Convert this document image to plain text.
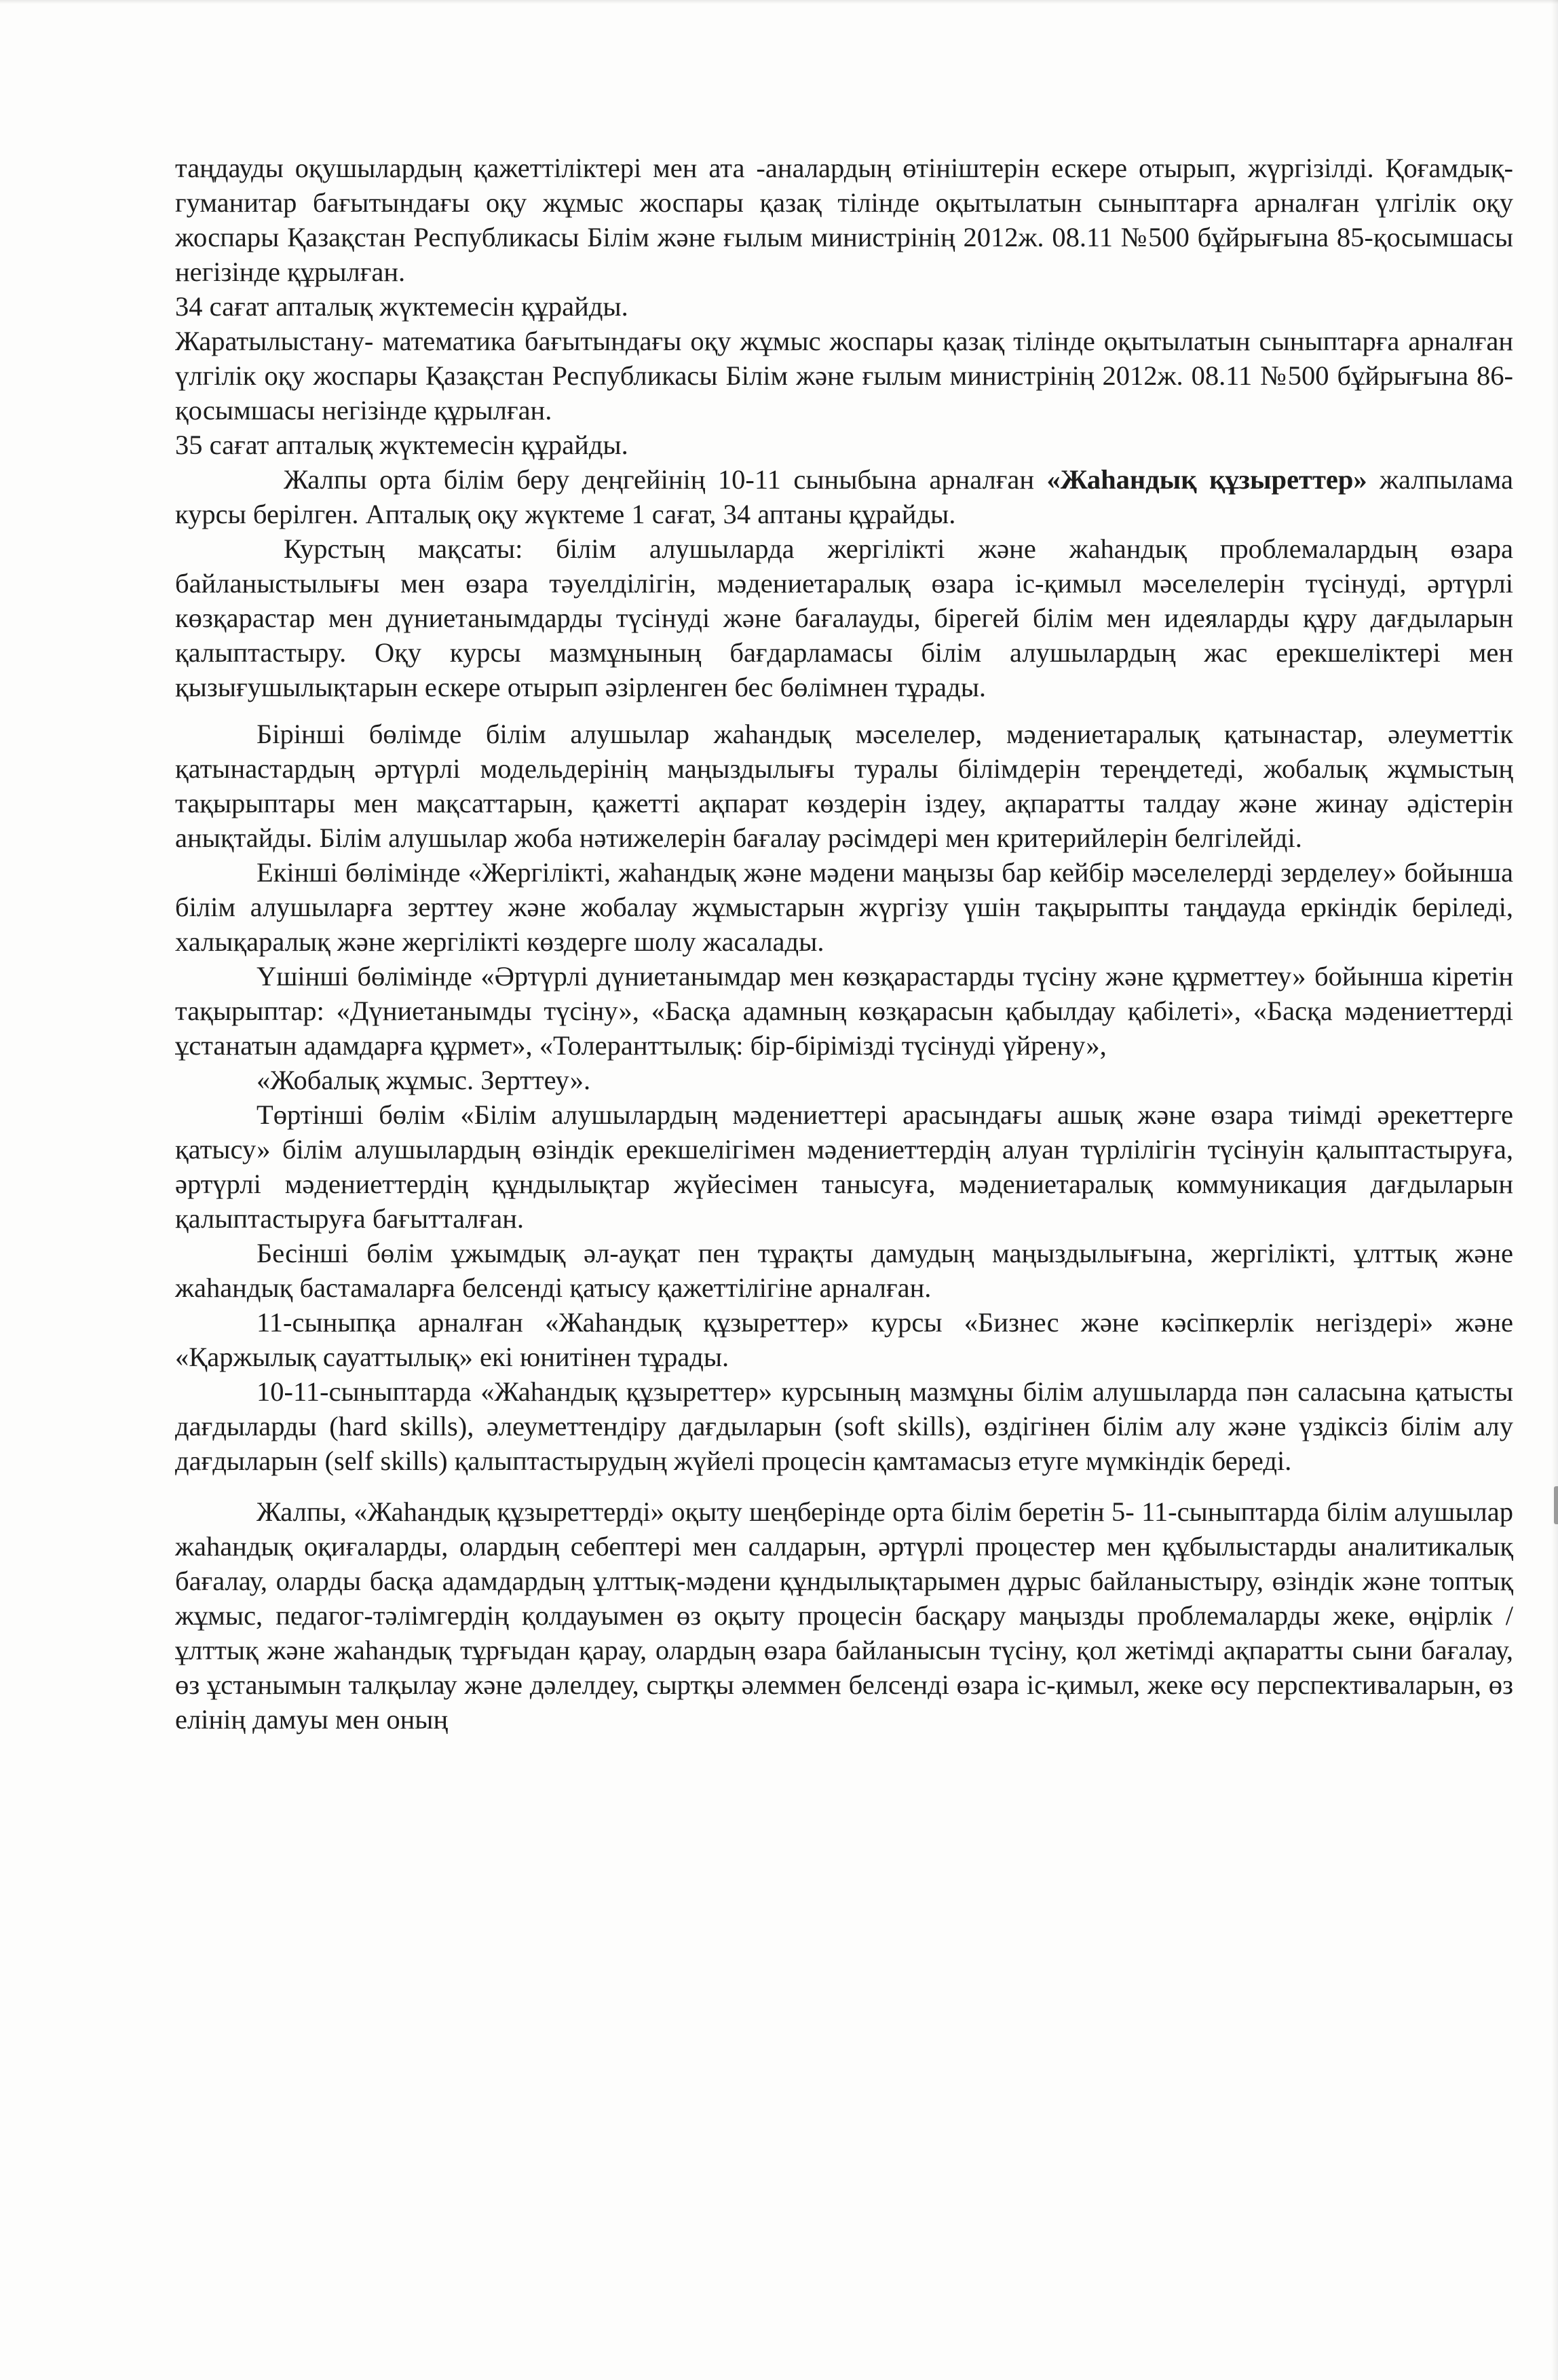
таңдауды оқушылардың қажеттіліктері мен ата -аналардың өтініштерін ескере отырып, жүргізілді. Қоғамдық-гуманитар бағытындағы оқу жұмыс жоспары қазақ тілінде оқытылатын сыныптарға арналған үлгілік оқу жоспары Қазақстан Республикасы Білім және ғылым министрінің 2012ж. 08.11 №500 бұйрығына 85-қосымшасы негізінде құрылған.

34 сағат апталық жүктемесін құрайды.

Жаратылыстану- математика бағытындағы оқу жұмыс жоспары қазақ тілінде оқытылатын сыныптарға арналған үлгілік оқу жоспары Қазақстан Республикасы Білім және ғылым министрінің 2012ж. 08.11 №500 бұйрығына 86-қосымшасы негізінде құрылған.

35 сағат апталық жүктемесін құрайды.

Жалпы орта білім беру деңгейінің 10-11 сыныбына арналған «Жаhандық құзыреттер» жалпылама курсы берілген. Апталық оқу жүктеме 1 сағат, 34 аптаны құрайды.

Курстың мақсаты: білім алушыларда жергілікті және жаһандық проблемалардың өзара байланыстылығы мен өзара тәуелділігін, мәдениетаралық өзара іс-қимыл мәселелерін түсінуді, әртүрлі көзқарастар мен дүниетанымдарды түсінуді және бағалауды, бірегей білім мен идеяларды құру дағдыларын қалыптастыру. Оқу курсы мазмұнының бағдарламасы білім алушылардың жас ерекшеліктері мен қызығушылықтарын ескере отырып әзірленген бес бөлімнен тұрады.

Бірінші бөлімде білім алушылар жаhандық мәселелер, мәдениетаралық қатынастар, әлеуметтік қатынастардың әртүрлі модельдерінің маңыздылығы туралы білімдерін тереңдетеді, жобалық жұмыстың тақырыптары мен мақсаттарын, қажетті ақпарат көздерін іздеу, ақпаратты талдау және жинау әдістерін анықтайды. Білім алушылар жоба нәтижелерін бағалау рәсімдері мен критерийлерін белгілейді.

Екінші бөлімінде «Жергілікті, жаhандық және мәдени маңызы бар кейбір мәселелерді зерделеу» бойынша білім алушыларға зерттеу және жобалау жұмыстарын жүргізу үшін тақырыпты таңдауда еркіндік беріледі, халықаралық және жергілікті көздерге шолу жасалады.

Үшінші бөлімінде «Әртүрлі дүниетанымдар мен көзқарастарды түсіну және құрметтеу» бойынша кіретін тақырыптар: «Дүниетанымды түсіну», «Басқа адамның көзқарасын қабылдау қабілеті», «Басқа мәдениеттерді ұстанатын адамдарға құрмет», «Толеранттылық: бір-бірімізді түсінуді үйрену»,

«Жобалық жұмыс. Зерттеу».

Төртінші бөлім «Білім алушылардың мәдениеттері арасындағы ашық және өзара тиімді әрекеттерге қатысу» білім алушылардың өзіндік ерекшелігімен мәдениеттердің алуан түрлілігін түсінуін қалыптастыруға, әртүрлі мәдениеттердің құндылықтар жүйесімен танысуға, мәдениетаралық коммуникация дағдыларын қалыптастыруға бағытталған.

Бесінші бөлім ұжымдық әл-ауқат пен тұрақты дамудың маңыздылығына, жергілікті, ұлттық және жаhандық бастамаларға белсенді қатысу қажеттілігіне арналған.

11-сыныпқа арналған «Жаhандық құзыреттер» курсы «Бизнес және кәсіпкерлік негіздері» және «Қаржылық сауаттылық» екі юнитінен тұрады.

10-11-сыныптарда «Жаhандық құзыреттер» курсының мазмұны білім алушыларда пән саласына қатысты дағдыларды (hard skills), әлеуметтендіру дағдыларын (soft skills), өздігінен білім алу және үздіксіз білім алу дағдыларын (self skills) қалыптастырудың жүйелі процесін қамтамасыз етуге мүмкіндік береді.

Жалпы, «Жаhандық құзыреттерді» оқыту шеңберінде орта білім беретін 5- 11-сыныптарда білім алушылар жаhандық оқиғаларды, олардың себептері мен салдарын, әртүрлі процестер мен құбылыстарды аналитикалық бағалау, оларды басқа адамдардың ұлттық-мәдени құндылықтарымен дұрыс байланыстыру, өзіндік және топтық жұмыс, педагог-тәлімгердің қолдауымен өз оқыту процесін басқару маңызды проблемаларды жеке, өңірлік / ұлттық және жаhандық тұрғыдан қарау, олардың өзара байланысын түсіну, қол жетімді ақпаратты сыни бағалау, өз ұстанымын талқылау және дәлелдеу, сыртқы әлеммен белсенді өзара іс-қимыл, жеке өсу перспективаларын, өз елінің дамуы мен оның
